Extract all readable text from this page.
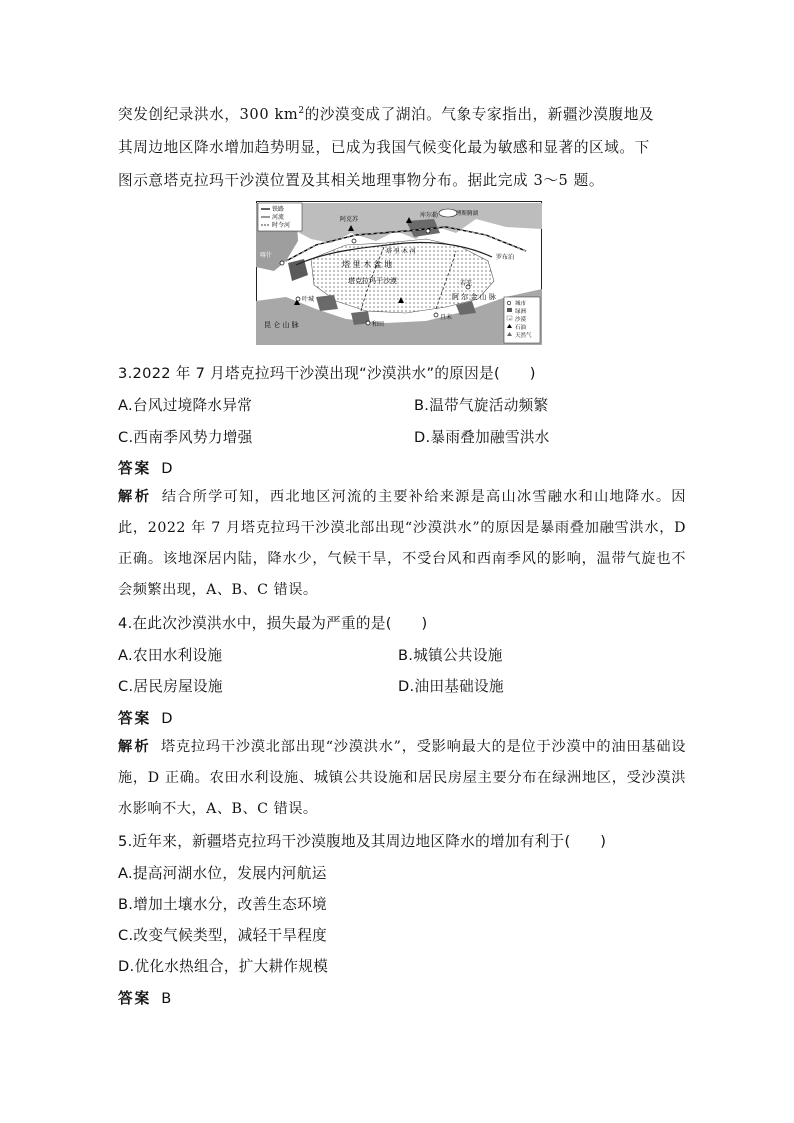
突发创纪录洪水，300 $km^2$的沙漠变成了湖泊。气象专家指出，新疆沙漠腹地及

其周边地区降水增加趋势明显，已成为我国气候变化最为敏感和显著的区域。下

图示意塔克拉玛干沙漠位置及其相关地理事物分布。据此完成 3～5 题。

铁路
河流
时令河
城市
绿洲
沙漠
石油
天然气
塔 里 木 盆 地
塔克拉玛干沙漠
喀什
阿克苏
库尔勒
叶城
和田
且末
若羌
罗布泊
博斯腾湖
昆 仑 山 脉
阿 尔 金 山 脉
塔 里 木 河
3.2022 年 7 月塔克拉玛干沙漠出现“沙漠洪水”的原因是(　　)
A.台风过境降水异常	B.温带气旋活动频繁
C.西南季风势力增强	D.暴雨叠加融雪洪水
答案 D
解析 结合所学可知，西北地区河流的主要补给来源是高山冰雪融水和山地降水。因此，2022 年 7 月塔克拉玛干沙漠北部出现“沙漠洪水”的原因是暴雨叠加融雪洪水，D 正确。该地深居内陆，降水少，气候干旱，不受台风和西南季风的影响，温带气旋也不会频繁出现，A、B、C 错误。
4.在此次沙漠洪水中，损失最为严重的是(　　)
A.农田水利设施	B.城镇公共设施
C.居民房屋设施	D.油田基础设施
答案 D
解析 塔克拉玛干沙漠北部出现“沙漠洪水”，受影响最大的是位于沙漠中的油田基础设施，D 正确。农田水利设施、城镇公共设施和居民房屋主要分布在绿洲地区，受沙漠洪水影响不大，A、B、C 错误。
5.近年来，新疆塔克拉玛干沙漠腹地及其周边地区降水的增加有利于(　　)
A.提高河湖水位，发展内河航运
B.增加土壤水分，改善生态环境
C.改变气候类型，减轻干旱程度
D.优化水热组合，扩大耕作规模
答案 B
